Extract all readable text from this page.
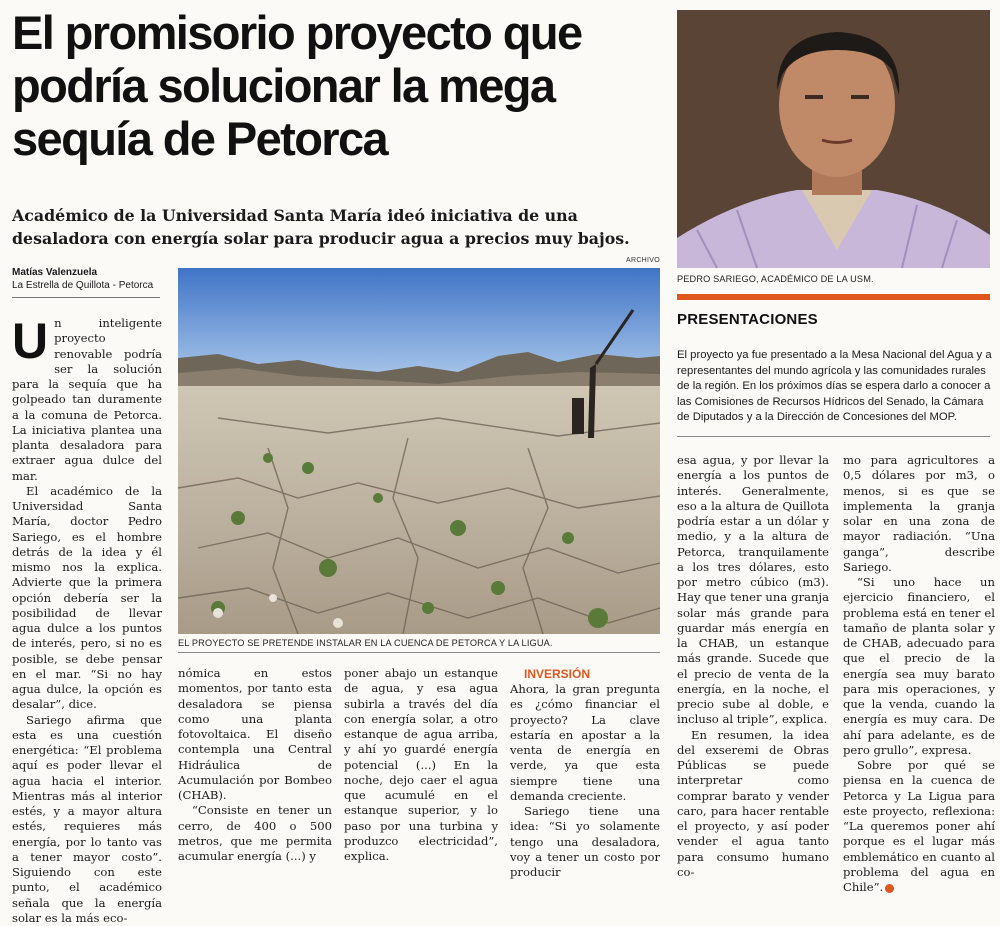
El promisorio proyecto que podría solucionar la mega sequía de Petorca

Académico de la Universidad Santa María ideó iniciativa de una desaladora con energía solar para producir agua a precios muy bajos.

Matías Valenzuela
La Estrella de Quillota - Petorca
ARCHIVO
EL PROYECTO SE PRETENDE INSTALAR EN LA CUENCA DE PETORCA Y LA LIGUA.
PEDRO SARIEGO, ACADÉMICO DE LA USM.
PRESENTACIONES

El proyecto ya fue presentado a la Mesa Nacional del Agua y a representantes del mundo agrícola y las comunidades rurales de la región. En los próximos días se espera darlo a conocer a las Comisiones de Recursos Hídricos del Senado, la Cámara de Diputados y a la Dirección de Concesiones del MOP.

Un inteligente proyecto renovable podría ser la solución para la sequía que ha golpeado tan duramente a la comuna de Petorca. La iniciativa plantea una planta desaladora para extraer agua dulce del mar.

El académico de la Universidad Santa María, doctor Pedro Sariego, es el hombre detrás de la idea y él mismo nos la explica. Advierte que la primera opción debería ser la posibilidad de llevar agua dulce a los puntos de interés, pero, si no es posible, se debe pensar en el mar. “Si no hay agua dulce, la opción es desalar”, dice.

Sariego afirma que esta es una cuestión energética: “El problema aquí es poder llevar el agua hacia el interior. Mientras más al interior estés, y a mayor altura estés, requieres más energía, por lo tanto vas a tener mayor costo”. Siguiendo con este punto, el académico señala que la energía solar es la más eco-

nómica en estos momentos, por tanto esta desaladora se piensa como una planta fotovoltaica. El diseño contempla una Central Hidráulica de Acumulación por Bombeo (CHAB).

“Consiste en tener un cerro, de 400 o 500 metros, que me permita acumular energía (...) y

poner abajo un estanque de agua, y esa agua subirla a través del día con energía solar, a otro estanque de agua arriba, y ahí yo guardé energía potencial (...) En la noche, dejo caer el agua que acumulé en el estanque superior, y lo paso por una turbina y produzco electricidad”, explica.

INVERSIÓN

Ahora, la gran pregunta es ¿cómo financiar el proyecto? La clave estaría en apostar a la venta de energía en verde, ya que esta siempre tiene una demanda creciente.

Sariego tiene una idea: “Si yo solamente tengo una desaladora, voy a tener un costo por producir

esa agua, y por llevar la energía a los puntos de interés. Generalmente, eso a la altura de Quillota podría estar a un dólar y medio, y a la altura de Petorca, tranquilamente a los tres dólares, esto por metro cúbico (m3). Hay que tener una granja solar más grande para guardar más energía en la CHAB, un estanque más grande. Sucede que el precio de venta de la energía, en la noche, el precio sube al doble, e incluso al triple”, explica.

En resumen, la idea del exseremi de Obras Públicas se puede interpretar como comprar barato y vender caro, para hacer rentable el proyecto, y así poder vender el agua tanto para consumo humano co-

mo para agricultores a 0,5 dólares por m3, o menos, si es que se implementa la granja solar en una zona de mayor radiación. “Una ganga”, describe Sariego.

“Si uno hace un ejercicio financiero, el problema está en tener el tamaño de planta solar y de CHAB, adecuado para que el precio de la energía sea muy barato para mis operaciones, y que la venda, cuando la energía es muy cara. De ahí para adelante, es de pero grullo”, expresa.

Sobre por qué se piensa en la cuenca de Petorca y La Ligua para este proyecto, reflexiona: “La queremos poner ahí porque es el lugar más emblemático en cuanto al problema del agua en Chile”.
